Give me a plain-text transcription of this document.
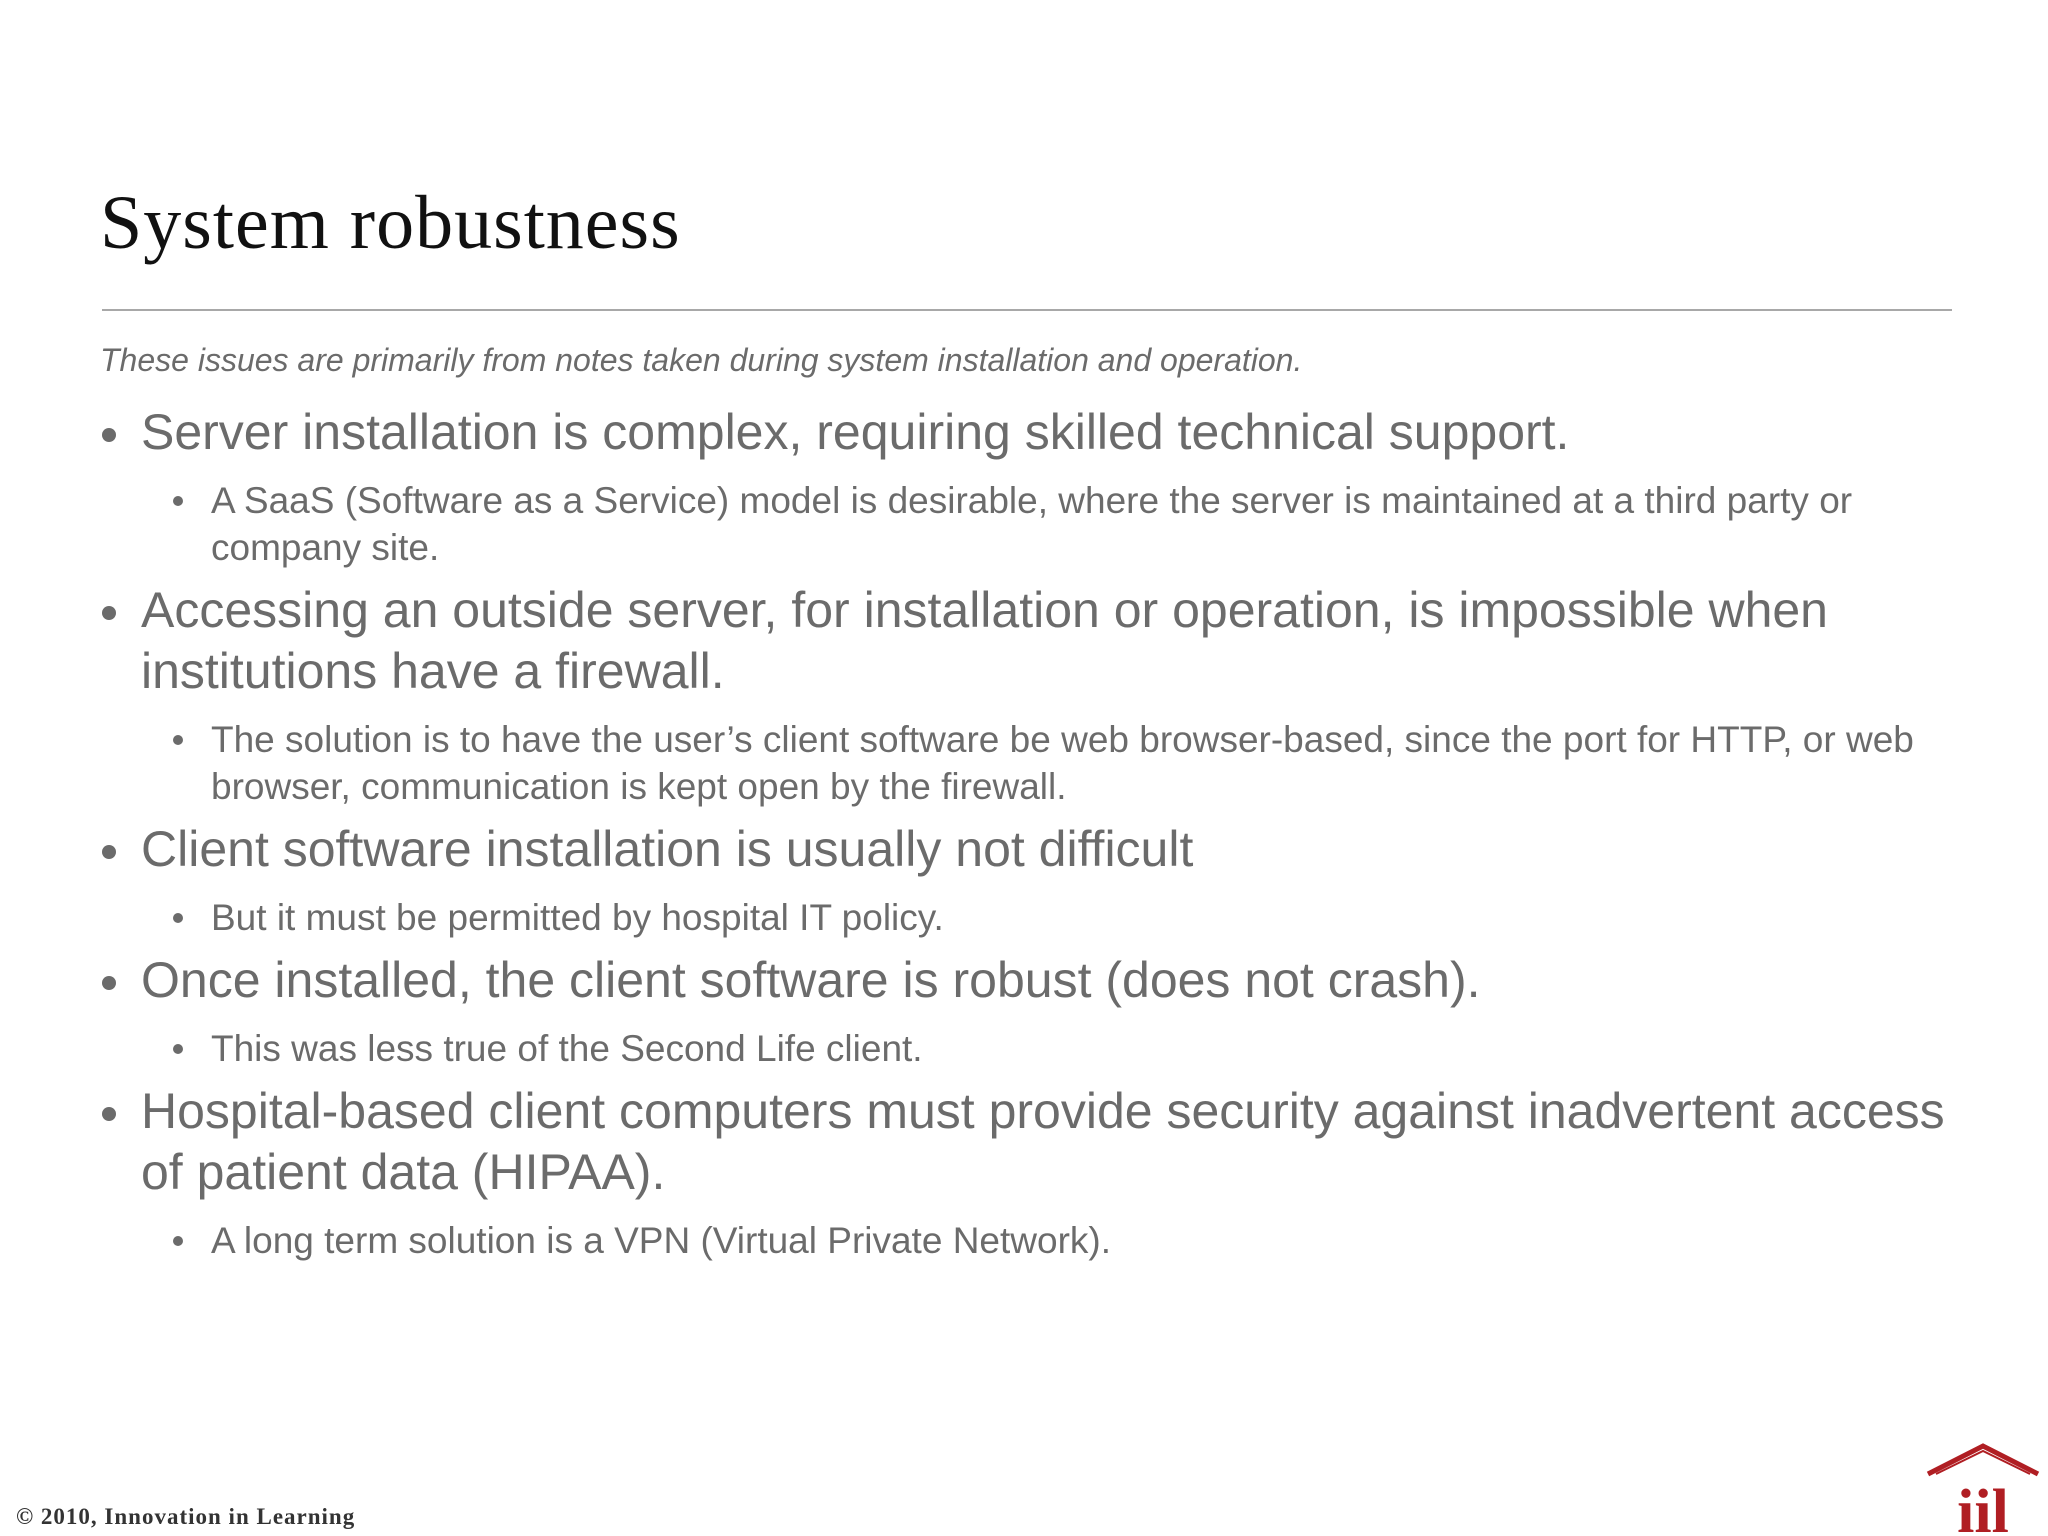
System robustness

These issues are primarily from notes taken during system installation and operation.

Server installation is complex, requiring skilled technical support.
A SaaS (Software as a Service) model is desirable, where the server is maintained at a third party or company site.
Accessing an outside server, for installation or operation, is impossible when institutions have a firewall.
The solution is to have the user’s client software be web browser-based, since the port for HTTP, or web browser, communication is kept open by the firewall.
Client software installation is usually not difficult
But it must be permitted by hospital IT policy.
Once installed, the client software is robust (does not crash).
This was less true of the Second Life client.
Hospital-based client computers must provide security against inadvertent access of patient data (HIPAA).
A long term solution is a VPN (Virtual Private Network).

© 2010, Innovation in Learning	iil
